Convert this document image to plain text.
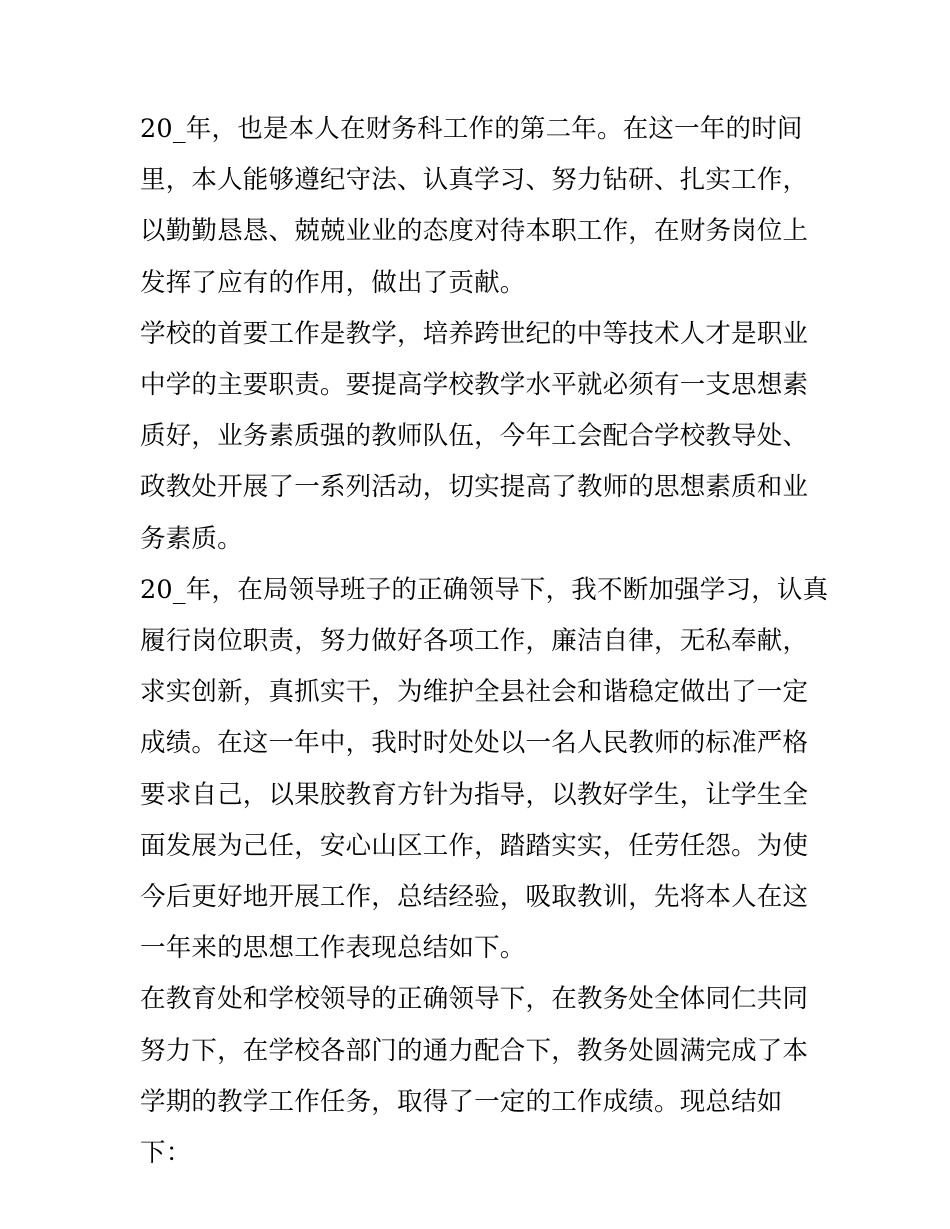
20_年，也是本人在财务科工作的第二年。在这一年的时间里，本人能够遵纪守法、认真学习、努力钻研、扎实工作，以勤勤恳恳、兢兢业业的态度对待本职工作，在财务岗位上发挥了应有的作用，做出了贡献。

学校的首要工作是教学，培养跨世纪的中等技术人才是职业中学的主要职责。要提高学校教学水平就必须有一支思想素质好，业务素质强的教师队伍，今年工会配合学校教导处、政教处开展了一系列活动，切实提高了教师的思想素质和业务素质。

20_年，在局领导班子的正确领导下，我不断加强学习，认真履行岗位职责，努力做好各项工作，廉洁自律，无私奉献，求实创新，真抓实干，为维护全县社会和谐稳定做出了一定成绩。在这一年中，我时时处处以一名人民教师的标准严格要求自己，以果胶教育方针为指导，以教好学生，让学生全面发展为己任，安心山区工作，踏踏实实，任劳任怨。为使今后更好地开展工作，总结经验，吸取教训，先将本人在这一年来的思想工作表现总结如下。

在教育处和学校领导的正确领导下，在教务处全体同仁共同努力下，在学校各部门的通力配合下，教务处圆满完成了本学期的教学工作任务，取得了一定的工作成绩。现总结如下：
